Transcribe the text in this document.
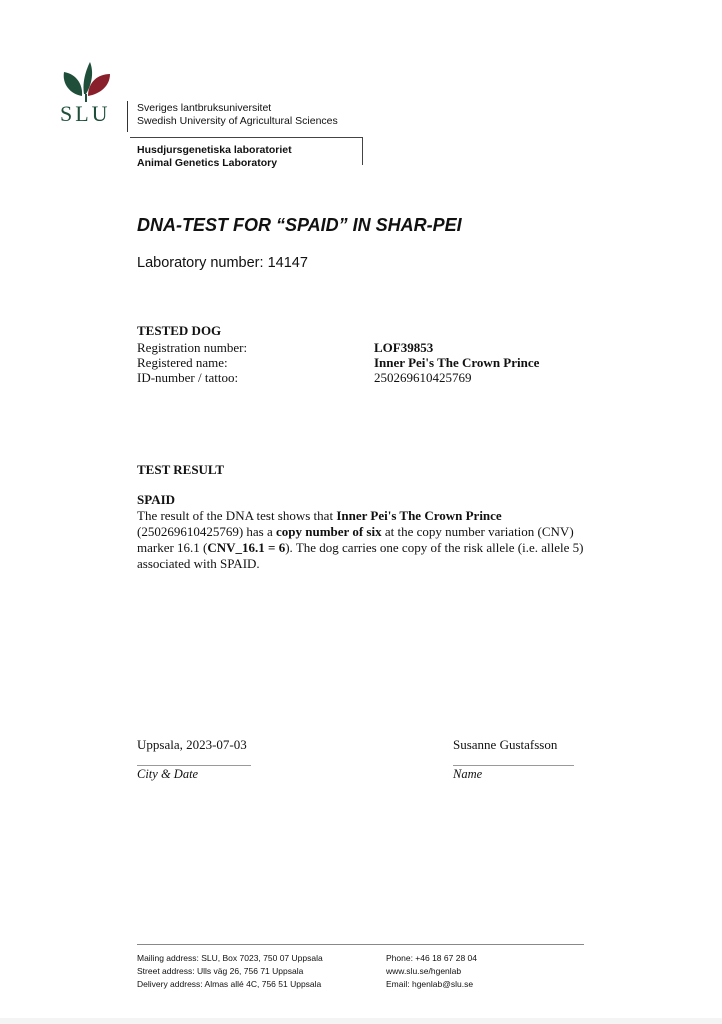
SLU	Sveriges lantbruksuniversitet
Swedish University of Agricultural Sciences
Husdjursgenetiska laboratoriet
Animal Genetics Laboratory
DNA-TEST FOR “SPAID” IN SHAR-PEI
Laboratory number: 14147
TESTED DOG
Registration number:	LOF39853
Registered name:	Inner Pei's The Crown Prince
ID-number / tattoo:	250269610425769
TEST RESULT
SPAID
The result of the DNA test shows that Inner Pei's The Crown Prince (250269610425769) has a copy number of six at the copy number variation (CNV) marker 16.1 (CNV_16.1 = 6). The dog carries one copy of the risk allele (i.e. allele 5) associated with SPAID.
Uppsala, 2023-07-03	Susanne Gustafsson
City & Date	Name
Mailing address: SLU, Box 7023, 750 07 Uppsala
Street address: Ulls väg 26, 756 71 Uppsala
Delivery address: Almas allé 4C, 756 51 Uppsala
Phone: +46 18 67 28 04
www.slu.se/hgenlab
Email: hgenlab@slu.se
